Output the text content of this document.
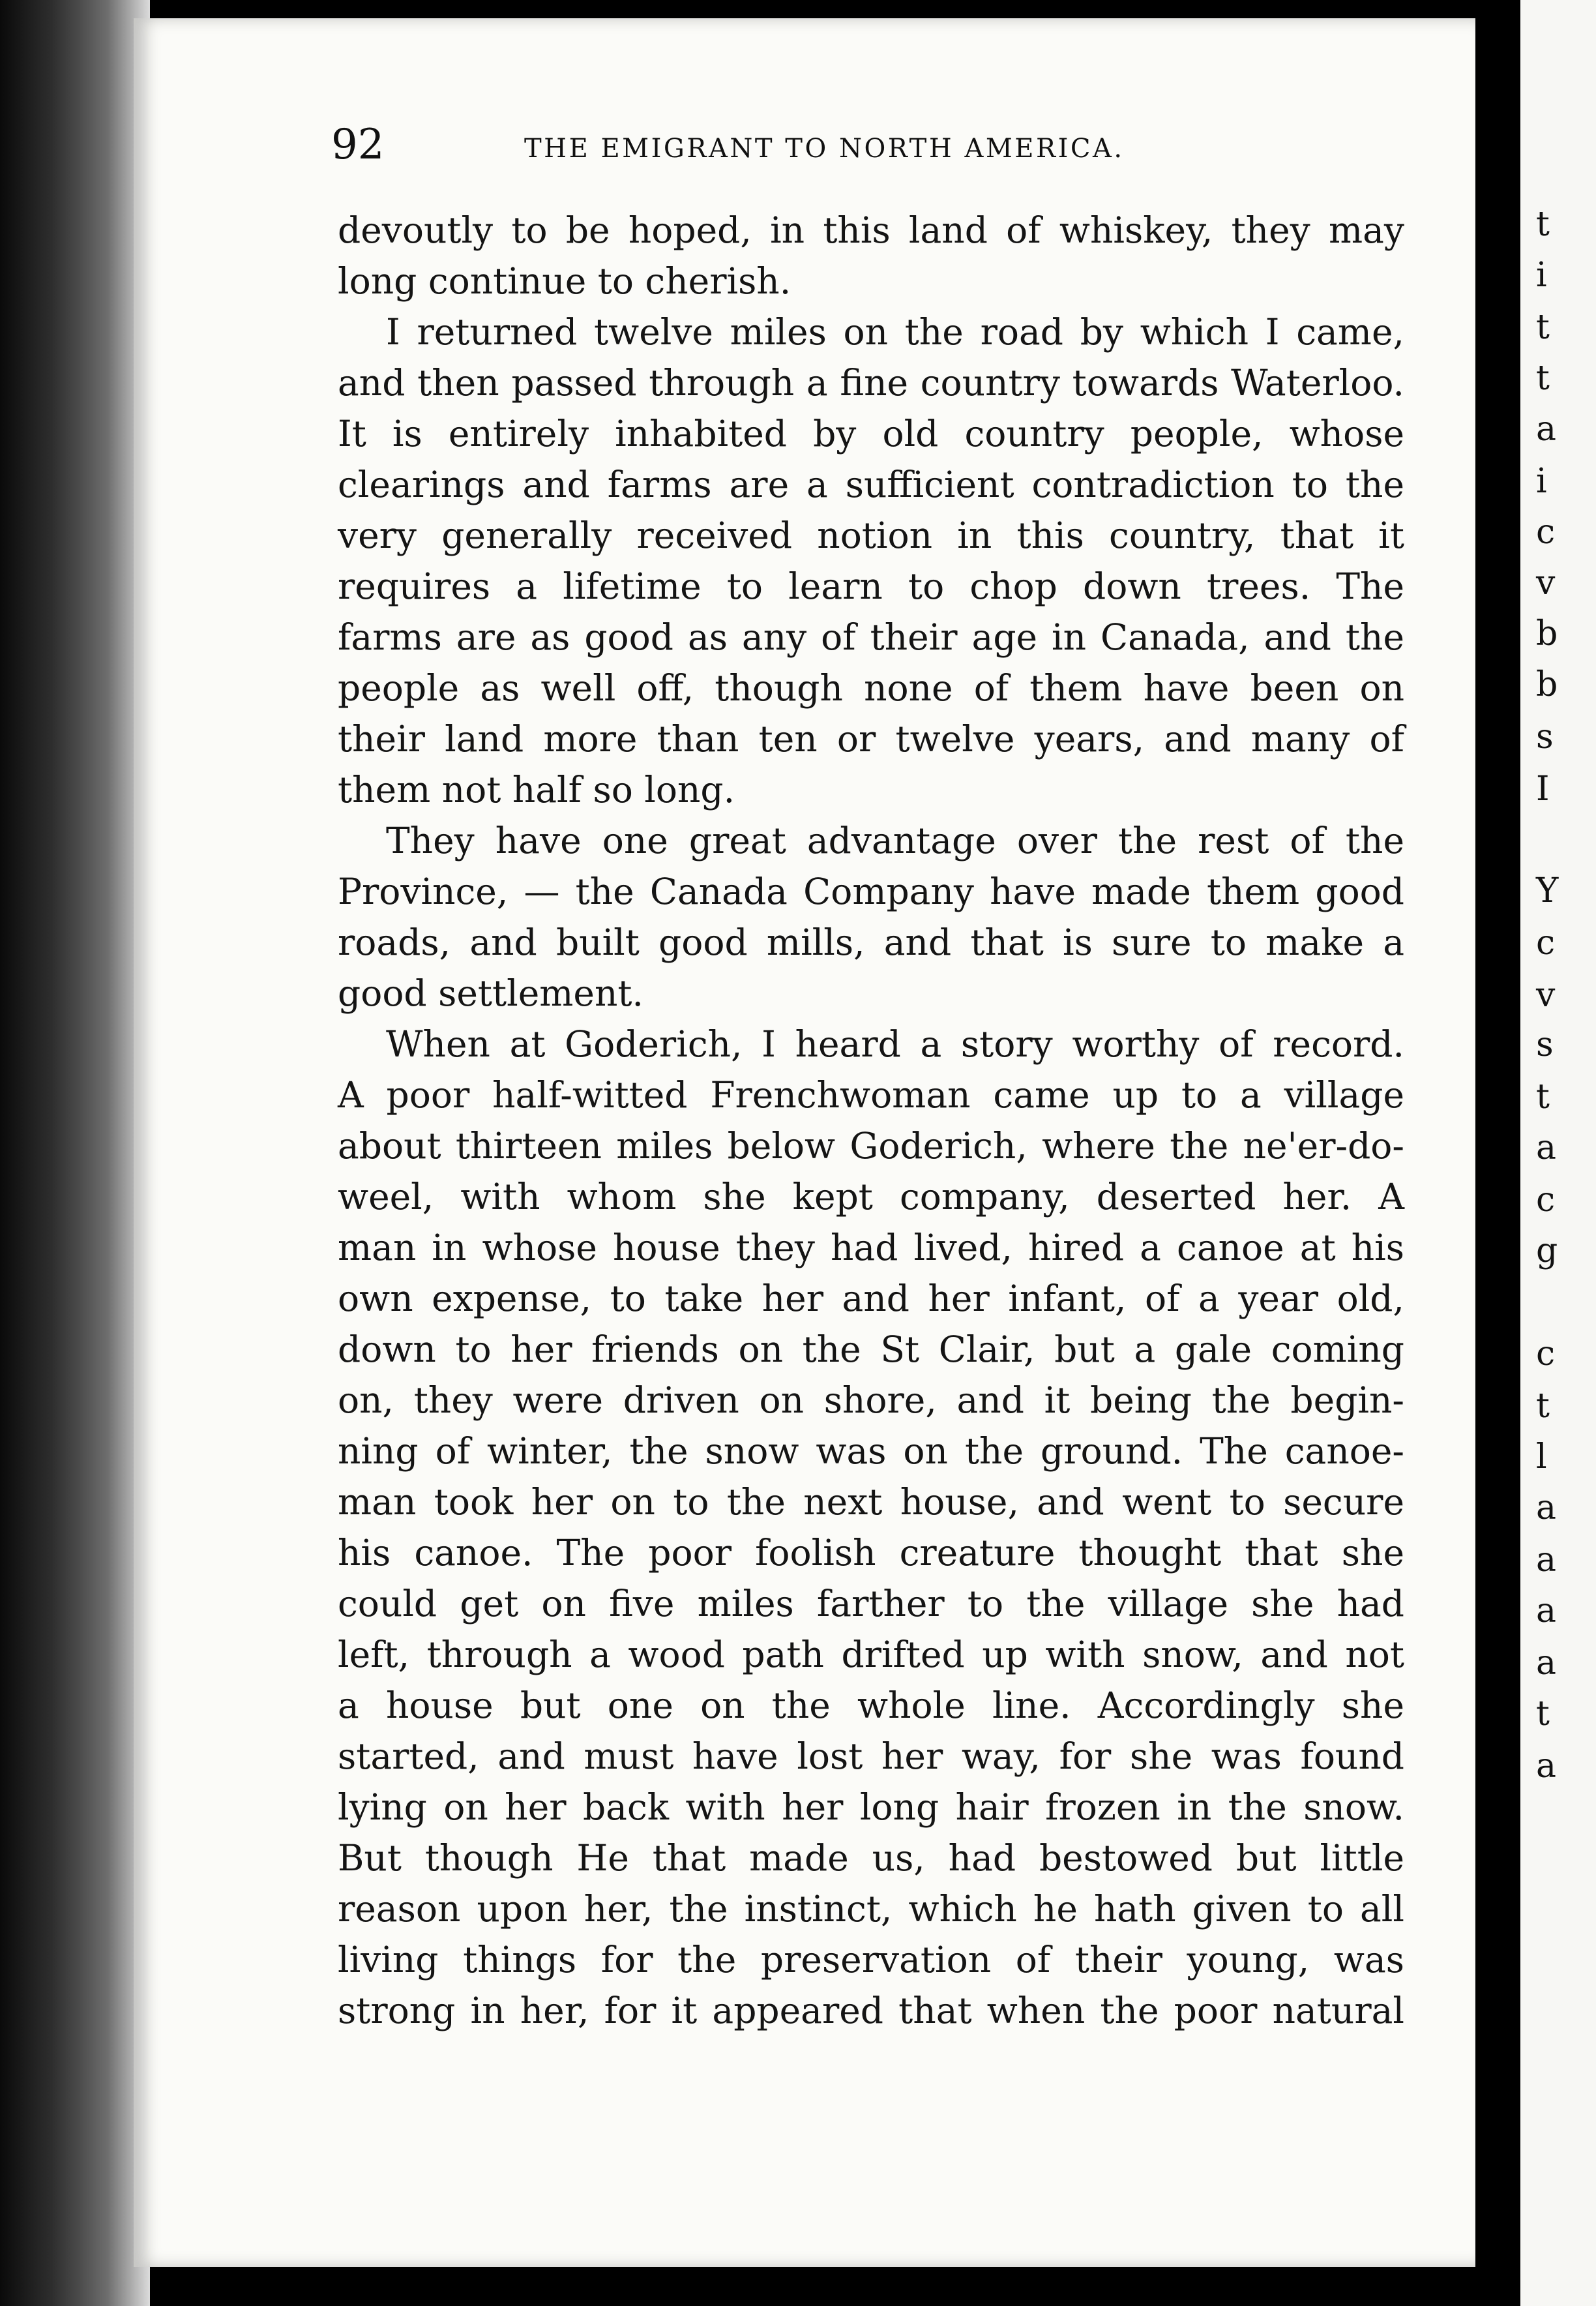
92	THE EMIGRANT TO NORTH AMERICA.
devoutly to be hoped, in this land of whiskey, they may
long continue to cherish.
I returned twelve miles on the road by which I came,
and then passed through a fine country towards Waterloo.
It is entirely inhabited by old country people, whose
clearings and farms are a sufficient contradiction to the
very generally received notion in this country, that it
requires a lifetime to learn to chop down trees. The
farms are as good as any of their age in Canada, and the
people as well off, though none of them have been on
their land more than ten or twelve years, and many of
them not half so long.
They have one great advantage over the rest of the
Province, — the Canada Company have made them good
roads, and built good mills, and that is sure to make a
good settlement.
When at Goderich, I heard a story worthy of record.
A poor half-witted Frenchwoman came up to a village
about thirteen miles below Goderich, where the ne'er-do-
weel, with whom she kept company, deserted her. A
man in whose house they had lived, hired a canoe at his
own expense, to take her and her infant, of a year old,
down to her friends on the St Clair, but a gale coming
on, they were driven on shore, and it being the begin-
ning of winter, the snow was on the ground. The canoe-
man took her on to the next house, and went to secure
his canoe. The poor foolish creature thought that she
could get on five miles farther to the village she had
left, through a wood path drifted up with snow, and not
a house but one on the whole line. Accordingly she
started, and must have lost her way, for she was found
lying on her back with her long hair frozen in the snow.
But though He that made us, had bestowed but little
reason upon her, the instinct, which he hath given to all
living things for the preservation of their young, was
strong in her, for it appeared that when the poor natural
t
i
t
t
a
i
c
v
b
b
s
I
Y
c
v
s
t
a
c
g
c
t
l
a
a
a
a
t
a
